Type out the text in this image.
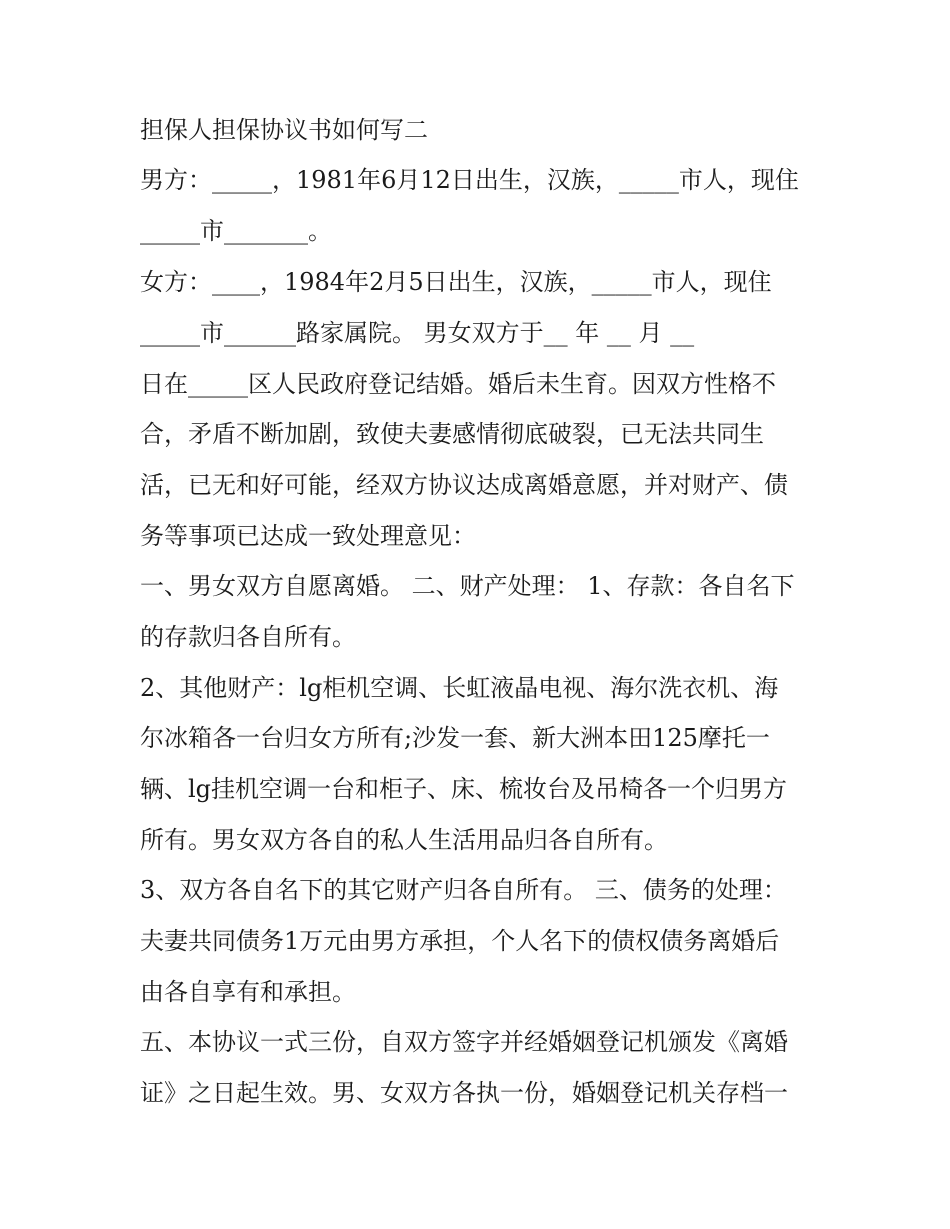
担保人担保协议书如何写二

男方：_____，1981年6月12日出生，汉族，_____市人，现住

_____市_______。

女方：____，1984年2月5日出生，汉族，_____市人，现住

_____市______路家属院。 男女双方于__ 年 __ 月 __

日在_____区人民政府登记结婚。婚后未生育。因双方性格不

合，矛盾不断加剧，致使夫妻感情彻底破裂，已无法共同生

活，已无和好可能，经双方协议达成离婚意愿，并对财产、债

务等事项已达成一致处理意见：

一、男女双方自愿离婚。 二、财产处理： 1、存款：各自名下

的存款归各自所有。

2、其他财产：lg柜机空调、长虹液晶电视、海尔洗衣机、海

尔冰箱各一台归女方所有;沙发一套、新大洲本田125摩托一

辆、lg挂机空调一台和柜子、床、梳妆台及吊椅各一个归男方

所有。男女双方各自的私人生活用品归各自所有。

3、双方各自名下的其它财产归各自所有。 三、债务的处理：

夫妻共同债务1万元由男方承担，个人名下的债权债务离婚后

由各自享有和承担。

五、本协议一式三份，自双方签字并经婚姻登记机颁发《离婚

证》之日起生效。男、女双方各执一份，婚姻登记机关存档一
